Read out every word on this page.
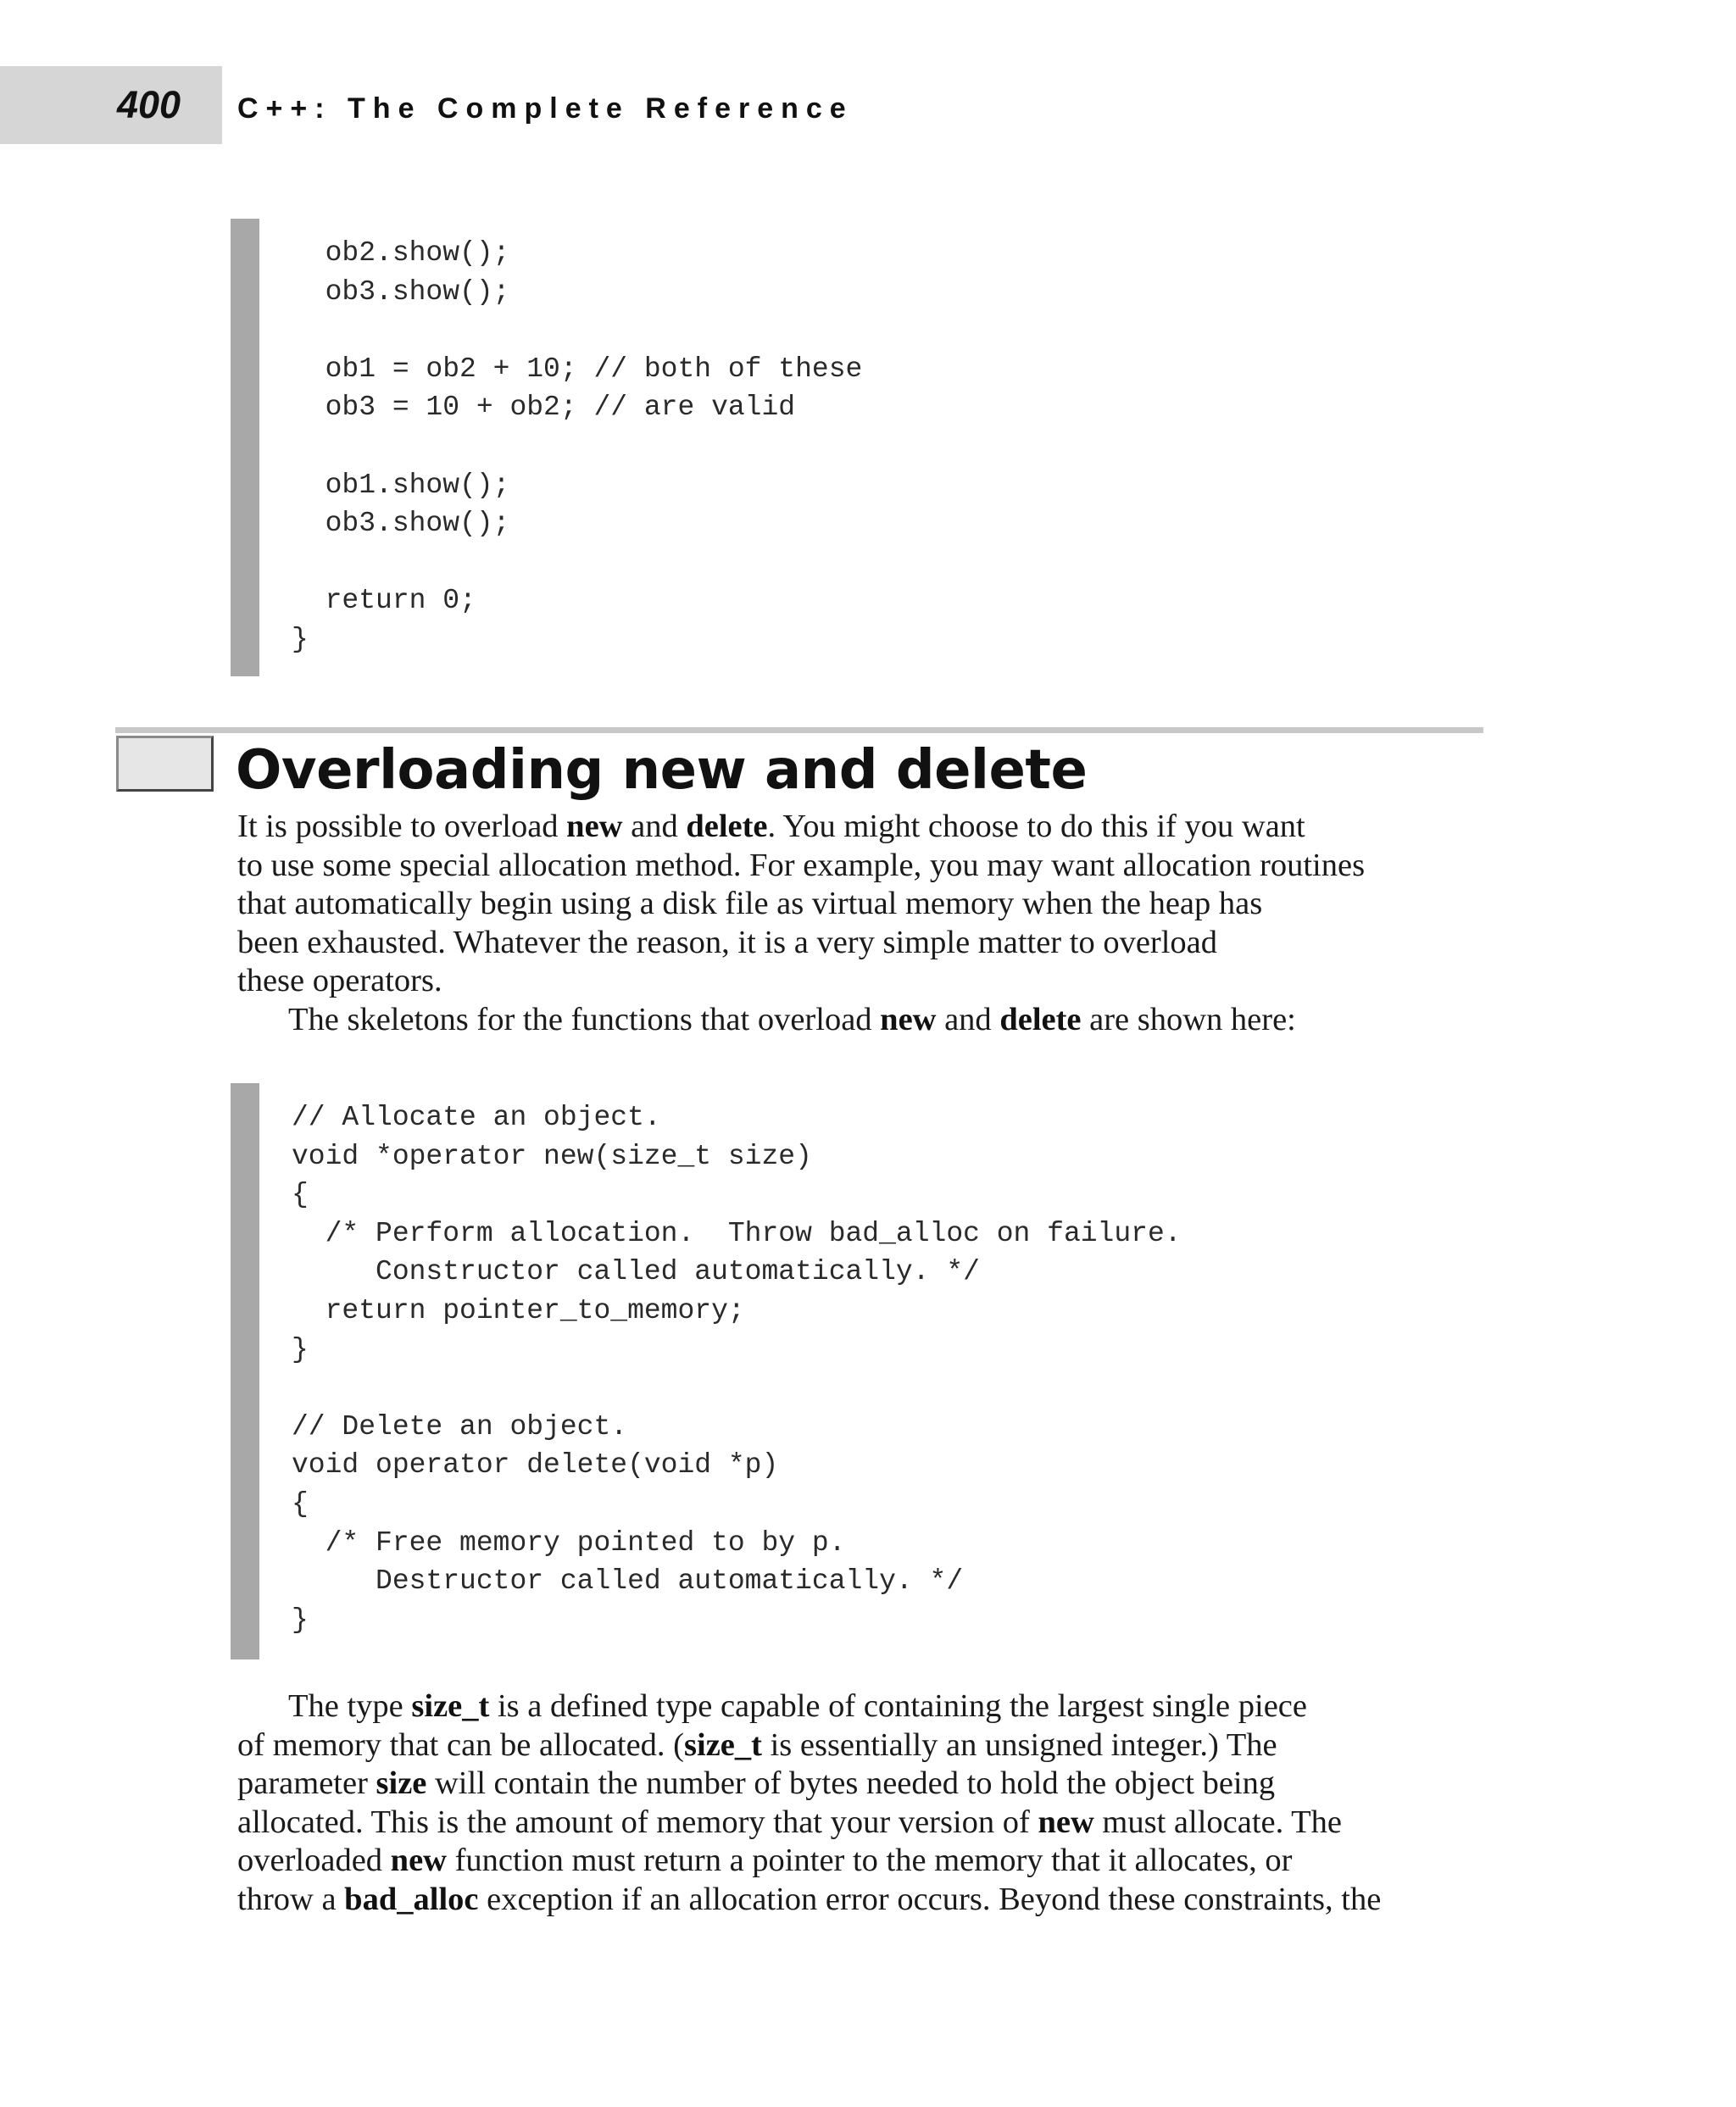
400 C++: The Complete Reference
ob2.show();
ob3.show();

ob1 = ob2 + 10; // both of these
ob3 = 10 + ob2; // are valid

ob1.show();
ob3.show();

return 0;
}
Overloading new and delete
It is possible to overload new and delete. You might choose to do this if you want
to use some special allocation method. For example, you may want allocation routines
that automatically begin using a disk file as virtual memory when the heap has
been exhausted. Whatever the reason, it is a very simple matter to overload
these operators.
The skeletons for the functions that overload new and delete are shown here:
// Allocate an object.
void *operator new(size_t size)
{
/* Perform allocation.  Throw bad_alloc on failure.
Constructor called automatically. */
return pointer_to_memory;
}

// Delete an object.
void operator delete(void *p)
{
/* Free memory pointed to by p.
Destructor called automatically. */
}
The type size_t is a defined type capable of containing the largest single piece
of memory that can be allocated. (size_t is essentially an unsigned integer.) The
parameter size will contain the number of bytes needed to hold the object being
allocated. This is the amount of memory that your version of new must allocate. The
overloaded new function must return a pointer to the memory that it allocates, or
throw a bad_alloc exception if an allocation error occurs. Beyond these constraints, the
